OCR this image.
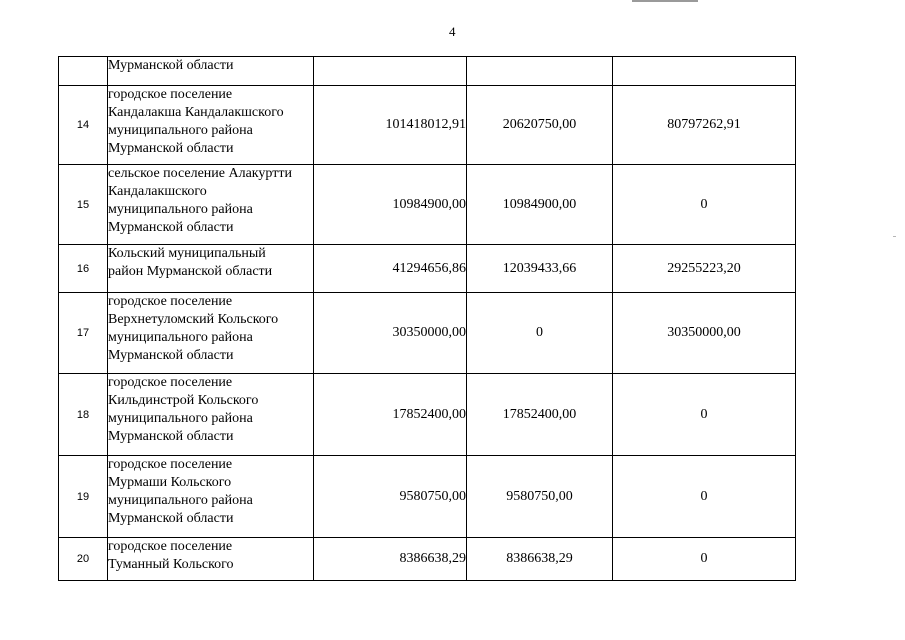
4

	Мурманской области			

14	городское поселение
Кандалакша Кандалакшского
муниципального района
Мурманской области	101418012,91	20620750,00	80797262,91
15	сельское поселение Алакуртти
Кандалакшского
муниципального района
Мурманской области	10984900,00	10984900,00	0
16	Кольский муниципальный
район Мурманской области	41294656,86	12039433,66	29255223,20
17	городское поселение
Верхнетуломский Кольского
муниципального района
Мурманской области	30350000,00	0	30350000,00
18	городское поселение
Кильдинстрой Кольского
муниципального района
Мурманской области	17852400,00	17852400,00	0
19	городское поселение
Мурмаши Кольского
муниципального района
Мурманской области	9580750,00	9580750,00	0
20	городское поселение
Туманный Кольского	8386638,29	8386638,29	0
